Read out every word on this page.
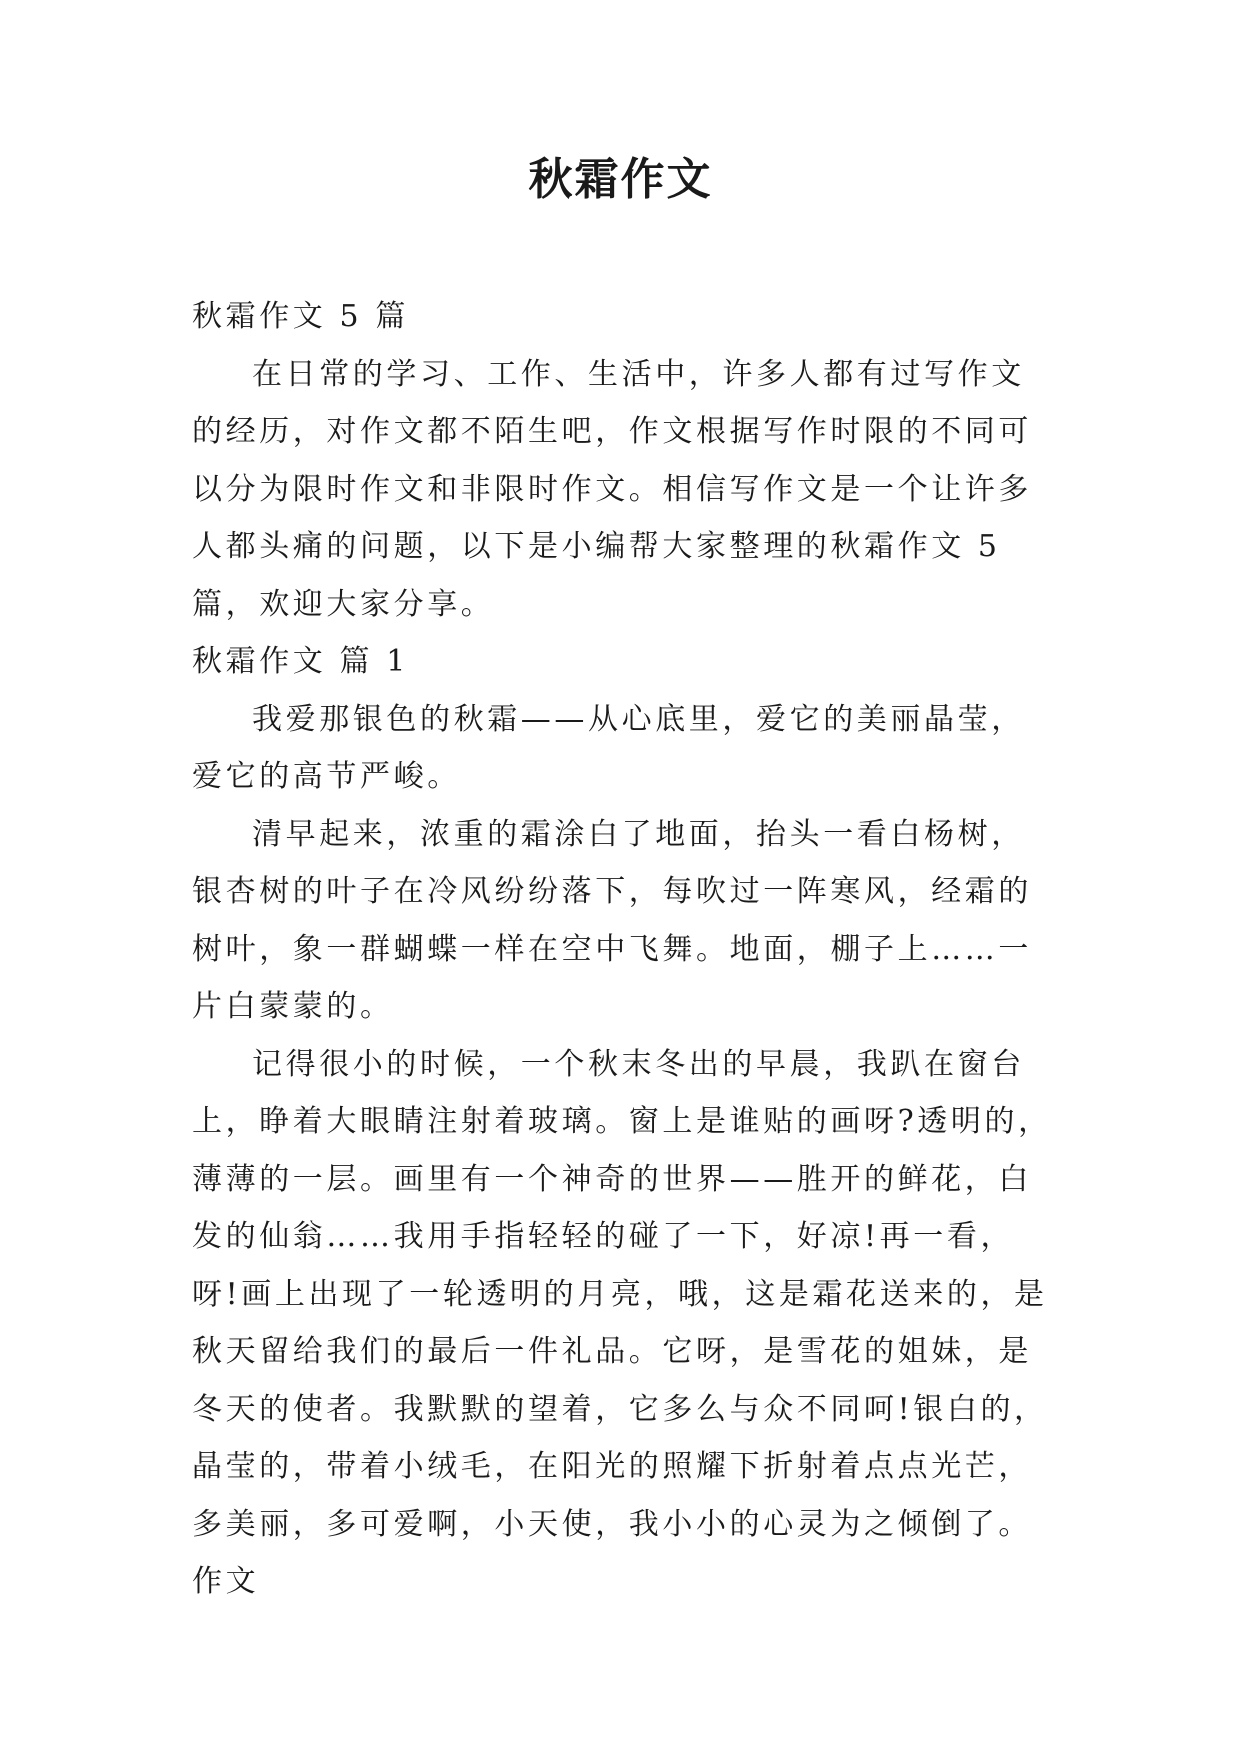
秋霜作文

秋霜作文 5 篇

在日常的学习、工作、生活中，许多人都有过写作文的经历，对作文都不陌生吧，作文根据写作时限的不同可以分为限时作文和非限时作文。相信写作文是一个让许多人都头痛的问题，以下是小编帮大家整理的秋霜作文 5 篇，欢迎大家分享。

秋霜作文 篇 1

我爱那银色的秋霜——从心底里，爱它的美丽晶莹，爱它的高节严峻。

清早起来，浓重的霜涂白了地面，抬头一看白杨树，银杏树的叶子在冷风纷纷落下，每吹过一阵寒风，经霜的树叶，象一群蝴蝶一样在空中飞舞。地面，棚子上……一片白蒙蒙的。

记得很小的时候，一个秋末冬出的早晨，我趴在窗台上，睁着大眼睛注射着玻璃。窗上是谁贴的画呀?透明的，薄薄的一层。画里有一个神奇的世界——胜开的鲜花，白发的仙翁……我用手指轻轻的碰了一下，好凉!再一看，呀!画上出现了一轮透明的月亮，哦，这是霜花送来的，是秋天留给我们的最后一件礼品。它呀，是雪花的姐妹，是冬天的使者。我默默的望着，它多么与众不同呵!银白的，晶莹的，带着小绒毛，在阳光的照耀下折射着点点光芒，多美丽，多可爱啊，小天使，我小小的心灵为之倾倒了。作文
